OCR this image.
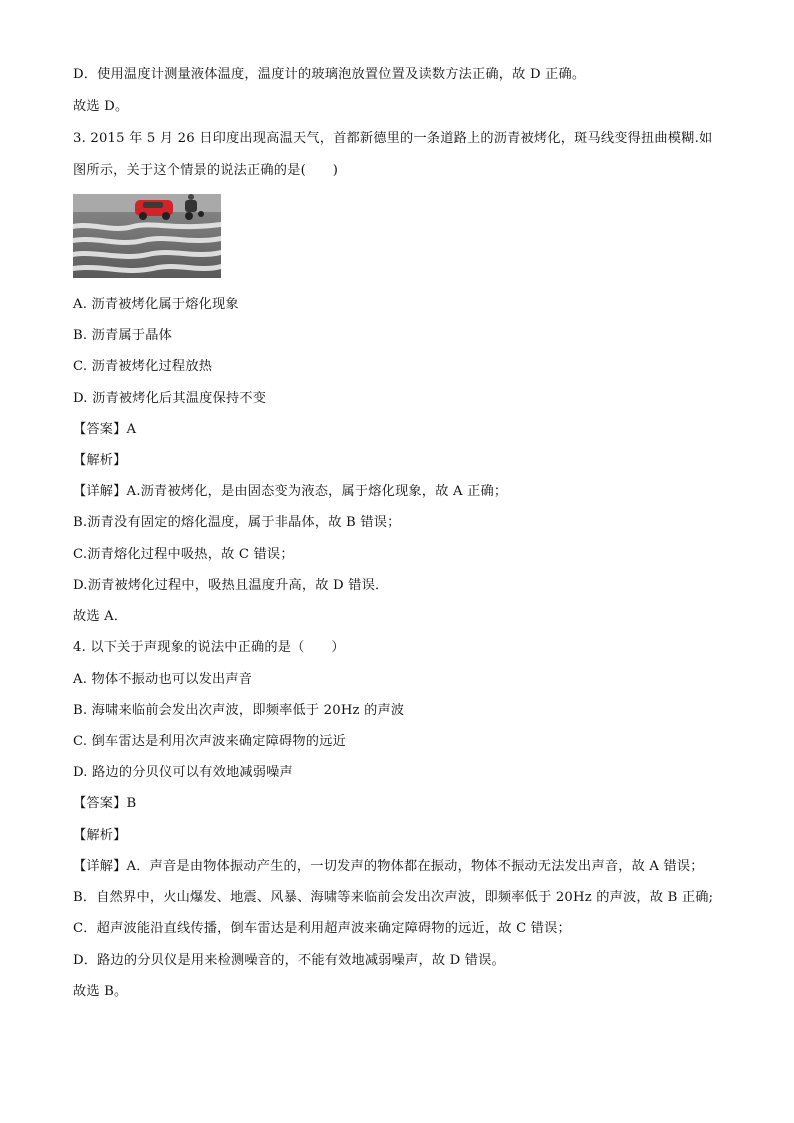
D．使用温度计测量液体温度，温度计的玻璃泡放置位置及读数方法正确，故 D 正确。
故选 D。
3. 2015 年 5 月 26 日印度出现高温天气，首都新德里的一条道路上的沥青被烤化，斑马线变得扭曲模糊.如
图所示，关于这个情景的说法正确的是(　　)
A. 沥青被烤化属于熔化现象
B. 沥青属于晶体
C. 沥青被烤化过程放热
D. 沥青被烤化后其温度保持不变
【答案】A
【解析】
【详解】A.沥青被烤化，是由固态变为液态，属于熔化现象，故 A 正确；
B.沥青没有固定的熔化温度，属于非晶体，故 B 错误；
C.沥青熔化过程中吸热，故 C 错误；
D.沥青被烤化过程中，吸热且温度升高，故 D 错误．
故选 A．
4. 以下关于声现象的说法中正确的是（　　）
A. 物体不振动也可以发出声音
B. 海啸来临前会发出次声波，即频率低于 20Hz 的声波
C. 倒车雷达是利用次声波来确定障碍物的远近
D. 路边的分贝仪可以有效地减弱噪声
【答案】B
【解析】
【详解】A．声音是由物体振动产生的，一切发声的物体都在振动，物体不振动无法发出声音，故 A 错误；
B．自然界中，火山爆发、地震、风暴、海啸等来临前会发出次声波，即频率低于 20Hz 的声波，故 B 正确;
C．超声波能沿直线传播，倒车雷达是利用超声波来确定障碍物的远近，故 C 错误；
D．路边的分贝仪是用来检测噪音的，不能有效地减弱噪声，故 D 错误。
故选 B。
